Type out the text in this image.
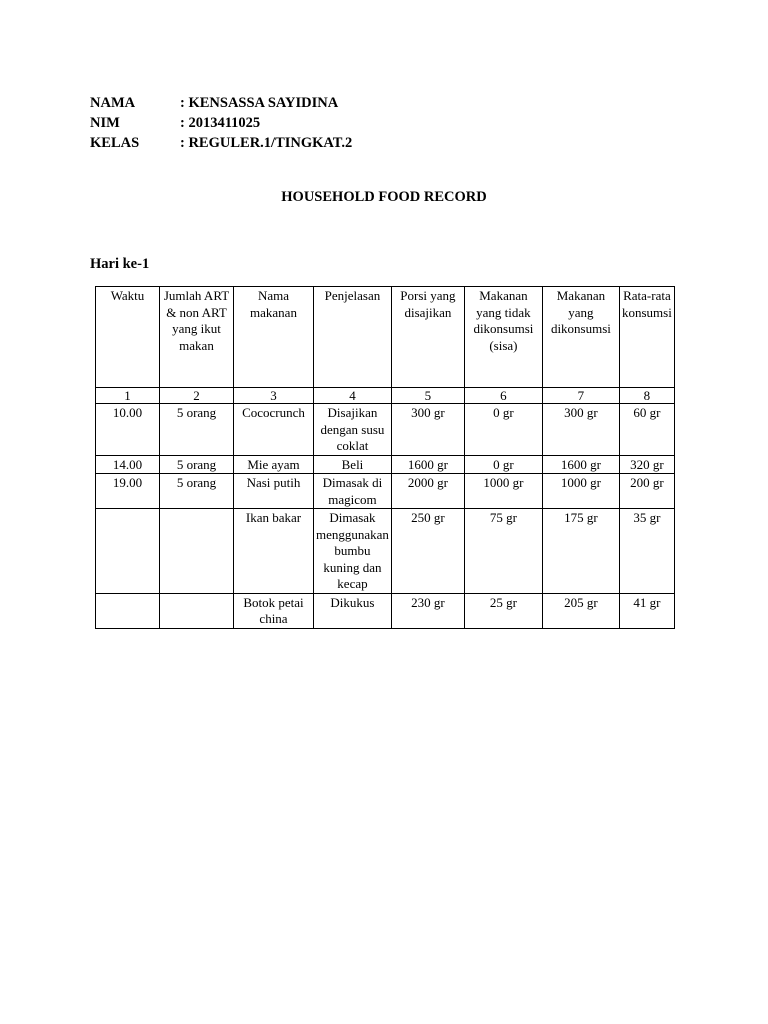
NAMA	: KENSASSA SAYIDINA
NIM	: 2013411025
KELAS	: REGULER.1/TINGKAT.2
HOUSEHOLD FOOD RECORD
Hari ke-1
Waktu	Jumlah ART & non ART yang ikut makan	Nama makanan	Penjelasan	Porsi yang disajikan	Makanan yang tidak dikonsumsi (sisa)	Makanan yang dikonsumsi	Rata-rata konsumsi
1	2	3	4	5	6	7	8
10.00	5 orang	Cococrunch	Disajikan dengan susu coklat	300 gr	0 gr	300 gr	60 gr
14.00	5 orang	Mie ayam	Beli	1600 gr	0 gr	1600 gr	320 gr
19.00	5 orang	Nasi putih	Dimasak di magicom	2000 gr	1000 gr	1000 gr	200 gr
		Ikan bakar	Dimasak menggunakan bumbu kuning dan kecap	250 gr	75 gr	175 gr	35 gr
		Botok petai china	Dikukus	230 gr	25 gr	205 gr	41 gr
